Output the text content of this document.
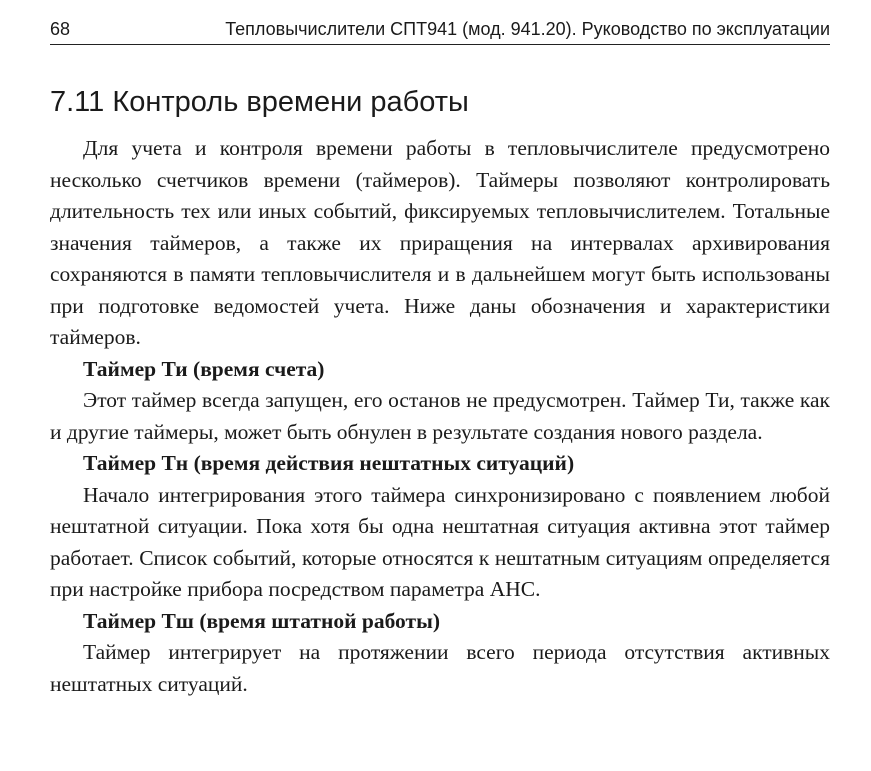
68	Тепловычислители СПТ941 (мод. 941.20). Руководство по эксплуатации
7.11 Контроль времени работы

Для учета и контроля времени работы в тепловычислителе предусмотрено несколько счетчиков времени (таймеров). Таймеры позволяют контролировать длительность тех или иных событий, фиксируемых тепловычислителем. Тотальные значения таймеров, а также их приращения на интервалах архивирования сохраняются в памяти тепловычислителя и в дальнейшем могут быть использованы при подготовке ведомостей учета. Ниже даны обозначения и характеристики таймеров.

Таймер Ти (время счета)

Этот таймер всегда запущен, его останов не предусмотрен. Таймер Ти, также как и другие таймеры, может быть обнулен в результате создания нового раздела.

Таймер Тн (время действия нештатных ситуаций)

Начало интегрирования этого таймера синхронизировано с появлением любой нештатной ситуации. Пока хотя бы одна нештатная ситуация активна этот таймер работает. Список событий, которые относятся к нештатным ситуациям определяется при настройке прибора посредством параметра АНС.

Таймер Тш (время штатной работы)

Таймер интегрирует на протяжении всего периода отсутствия активных нештатных ситуаций.
